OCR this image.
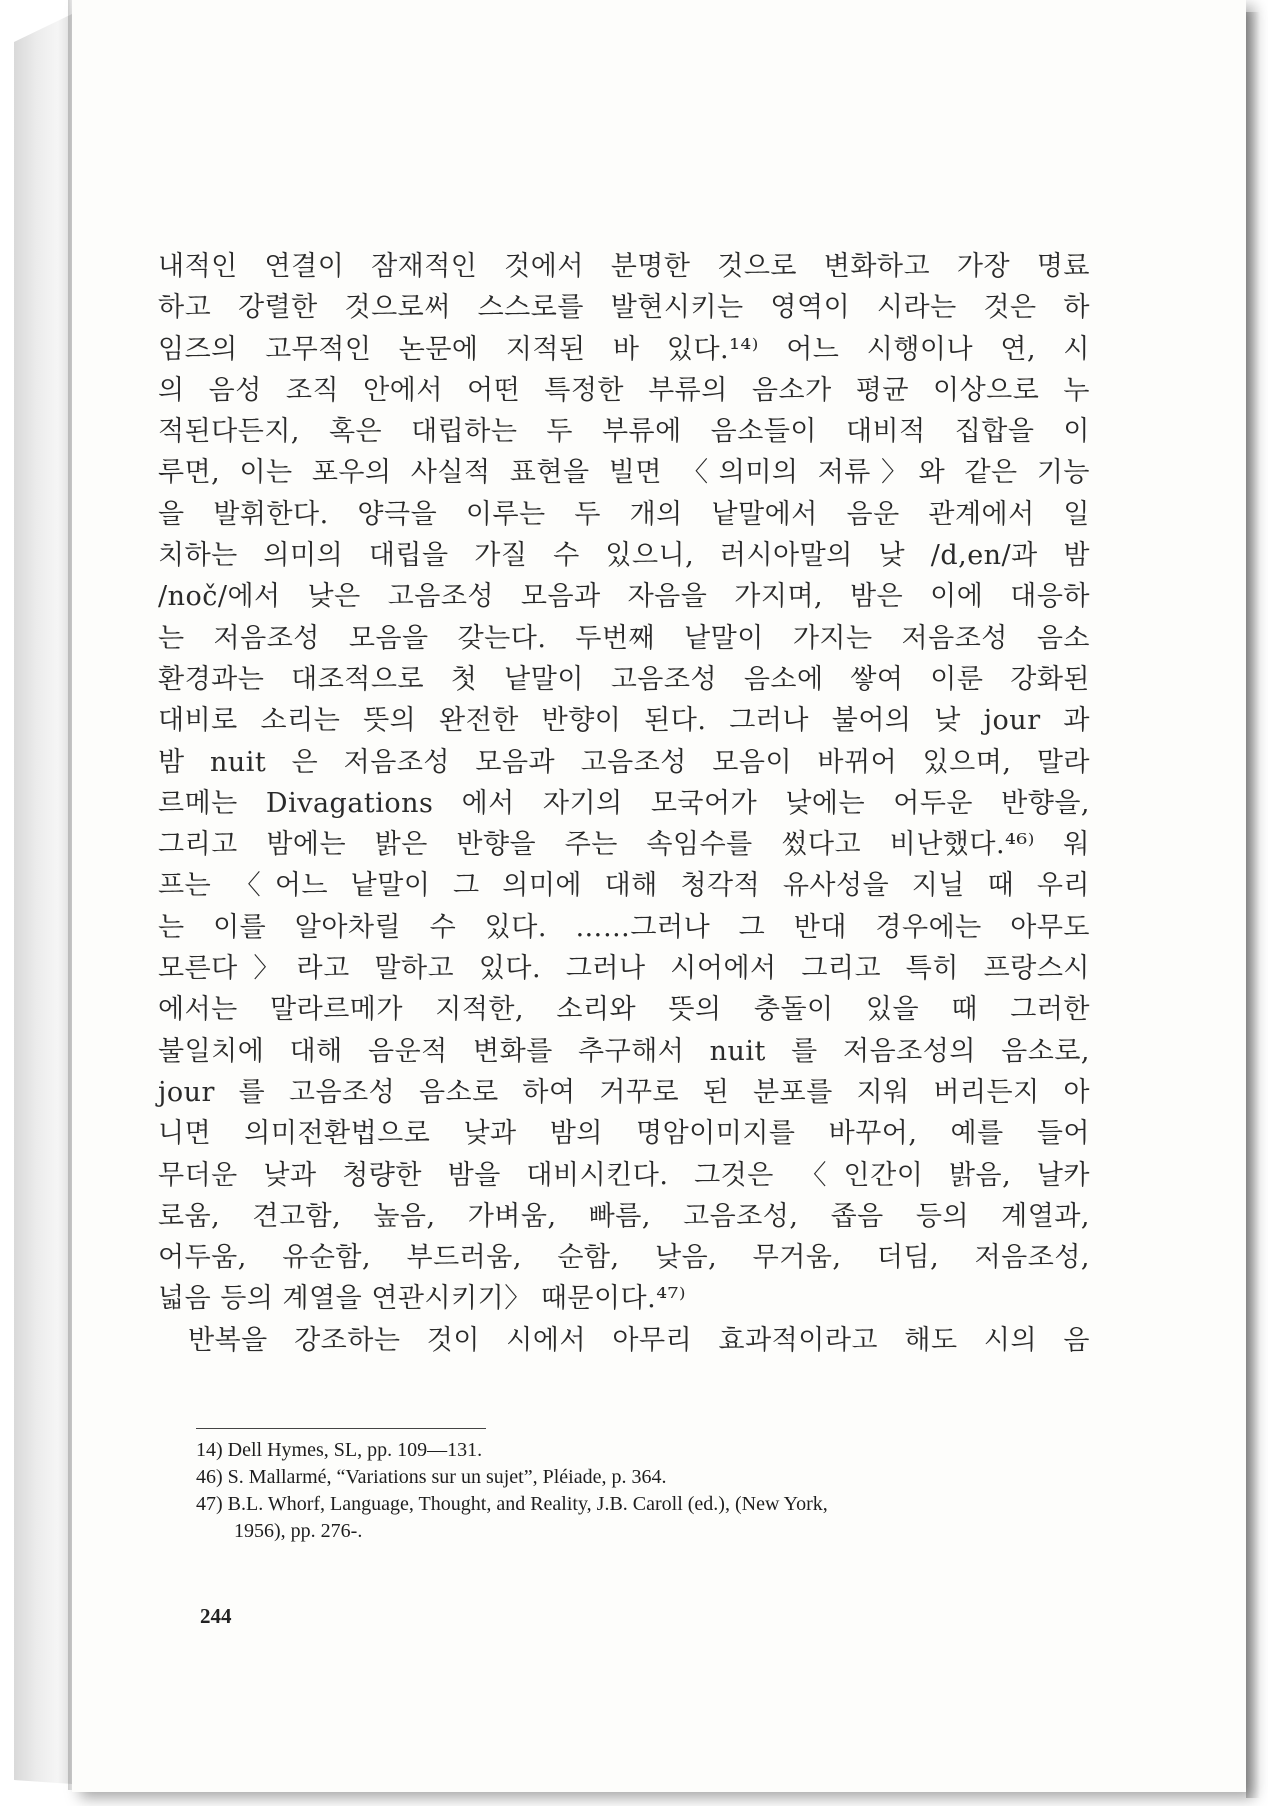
내적인 연결이 잠재적인 것에서 분명한 것으로 변화하고 가장 명료
하고 강렬한 것으로써 스스로를 발현시키는 영역이 시라는 것은 하
임즈의 고무적인 논문에 지적된 바 있다.¹⁴⁾ 어느 시행이나 연, 시
의 음성 조직 안에서 어떤 특정한 부류의 음소가 평균 이상으로 누
적된다든지, 혹은 대립하는 두 부류에 음소들이 대비적 집합을 이
루면, 이는 포우의 사실적 표현을 빌면 〈의미의 저류〉와 같은 기능
을 발휘한다. 양극을 이루는 두 개의 낱말에서 음운 관계에서 일
치하는 의미의 대립을 가질 수 있으니, 러시아말의 낮 /d,en/과 밤
/noč/에서 낮은 고음조성 모음과 자음을 가지며, 밤은 이에 대응하
는 저음조성 모음을 갖는다. 두번째 낱말이 가지는 저음조성 음소
환경과는 대조적으로 첫 낱말이 고음조성 음소에 쌓여 이룬 강화된
대비로 소리는 뜻의 완전한 반향이 된다. 그러나 불어의 낮 jour 과
밤 nuit 은 저음조성 모음과 고음조성 모음이 바뀌어 있으며, 말라
르메는 Divagations 에서 자기의 모국어가 낮에는 어두운 반향을,
그리고 밤에는 밝은 반향을 주는 속임수를 썼다고 비난했다.⁴⁶⁾ 워
프는 〈어느 낱말이 그 의미에 대해 청각적 유사성을 지닐 때 우리
는 이를 알아차릴 수 있다. ……그러나 그 반대 경우에는 아무도
모른다〉라고 말하고 있다. 그러나 시어에서 그리고 특히 프랑스시
에서는 말라르메가 지적한, 소리와 뜻의 충돌이 있을 때 그러한
불일치에 대해 음운적 변화를 추구해서 nuit 를 저음조성의 음소로,
jour 를 고음조성 음소로 하여 거꾸로 된 분포를 지워 버리든지 아
니면 의미전환법으로 낮과 밤의 명암이미지를 바꾸어, 예를 들어
무더운 낮과 청량한 밤을 대비시킨다. 그것은 〈인간이 밝음, 날카
로움, 견고함, 높음, 가벼움, 빠름, 고음조성, 좁음 등의 계열과,
어두움, 유순함, 부드러움, 순함, 낮음, 무거움, 더딤, 저음조성,
넓음 등의 계열을 연관시키기〉 때문이다.⁴⁷⁾
반복을 강조하는 것이 시에서 아무리 효과적이라고 해도 시의 음
14) Dell Hymes, SL, pp. 109—131.
46) S. Mallarmé, “Variations sur un sujet”, Pléiade, p. 364.
47) B.L. Whorf, Language, Thought, and Reality, J.B. Caroll (ed.), (New York,
1956), pp. 276-.
244
